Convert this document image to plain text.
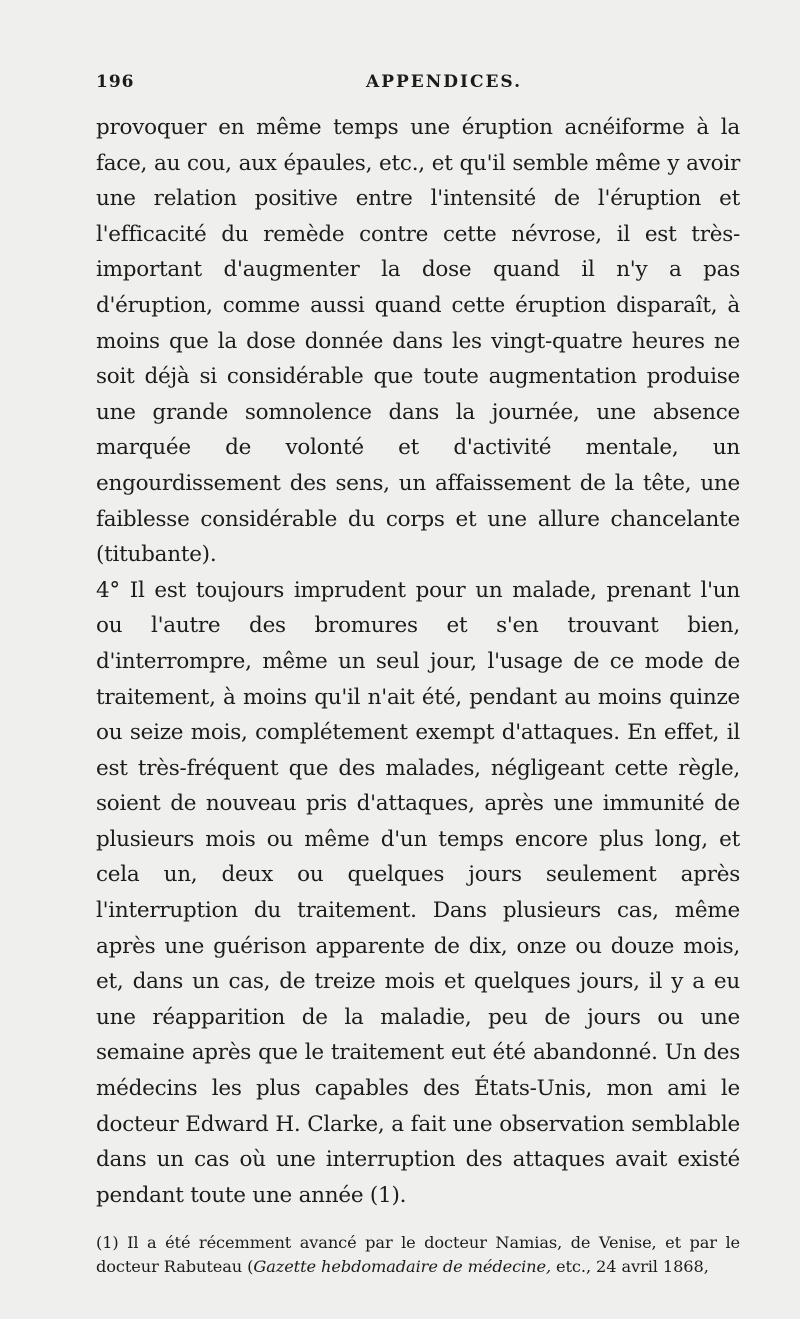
196	APPENDICES.

provoquer en même temps une éruption acnéiforme à la face, au cou, aux épaules, etc., et qu'il semble même y avoir une relation positive entre l'intensité de l'éruption et l'efficacité du remède contre cette névrose, il est très-important d'augmenter la dose quand il n'y a pas d'éruption, comme aussi quand cette éruption disparaît, à moins que la dose donnée dans les vingt-quatre heures ne soit déjà si considérable que toute augmentation produise une grande somnolence dans la journée, une absence marquée de volonté et d'activité mentale, un engourdissement des sens, un affaissement de la tête, une faiblesse considérable du corps et une allure chancelante (titubante).

4° Il est toujours imprudent pour un malade, prenant l'un ou l'autre des bromures et s'en trouvant bien, d'interrompre, même un seul jour, l'usage de ce mode de traitement, à moins qu'il n'ait été, pendant au moins quinze ou seize mois, complétement exempt d'attaques. En effet, il est très-fréquent que des malades, négligeant cette règle, soient de nouveau pris d'attaques, après une immunité de plusieurs mois ou même d'un temps encore plus long, et cela un, deux ou quelques jours seulement après l'interruption du traitement. Dans plusieurs cas, même après une guérison apparente de dix, onze ou douze mois, et, dans un cas, de treize mois et quelques jours, il y a eu une réapparition de la maladie, peu de jours ou une semaine après que le traitement eut été abandonné. Un des médecins les plus capables des États-Unis, mon ami le docteur Edward H. Clarke, a fait une observation semblable dans un cas où une interruption des attaques avait existé pendant toute une année (1).

(1) Il a été récemment avancé par le docteur Namias, de Venise, et par le docteur Rabuteau (Gazette hebdomadaire de médecine, etc., 24 avril 1868,
